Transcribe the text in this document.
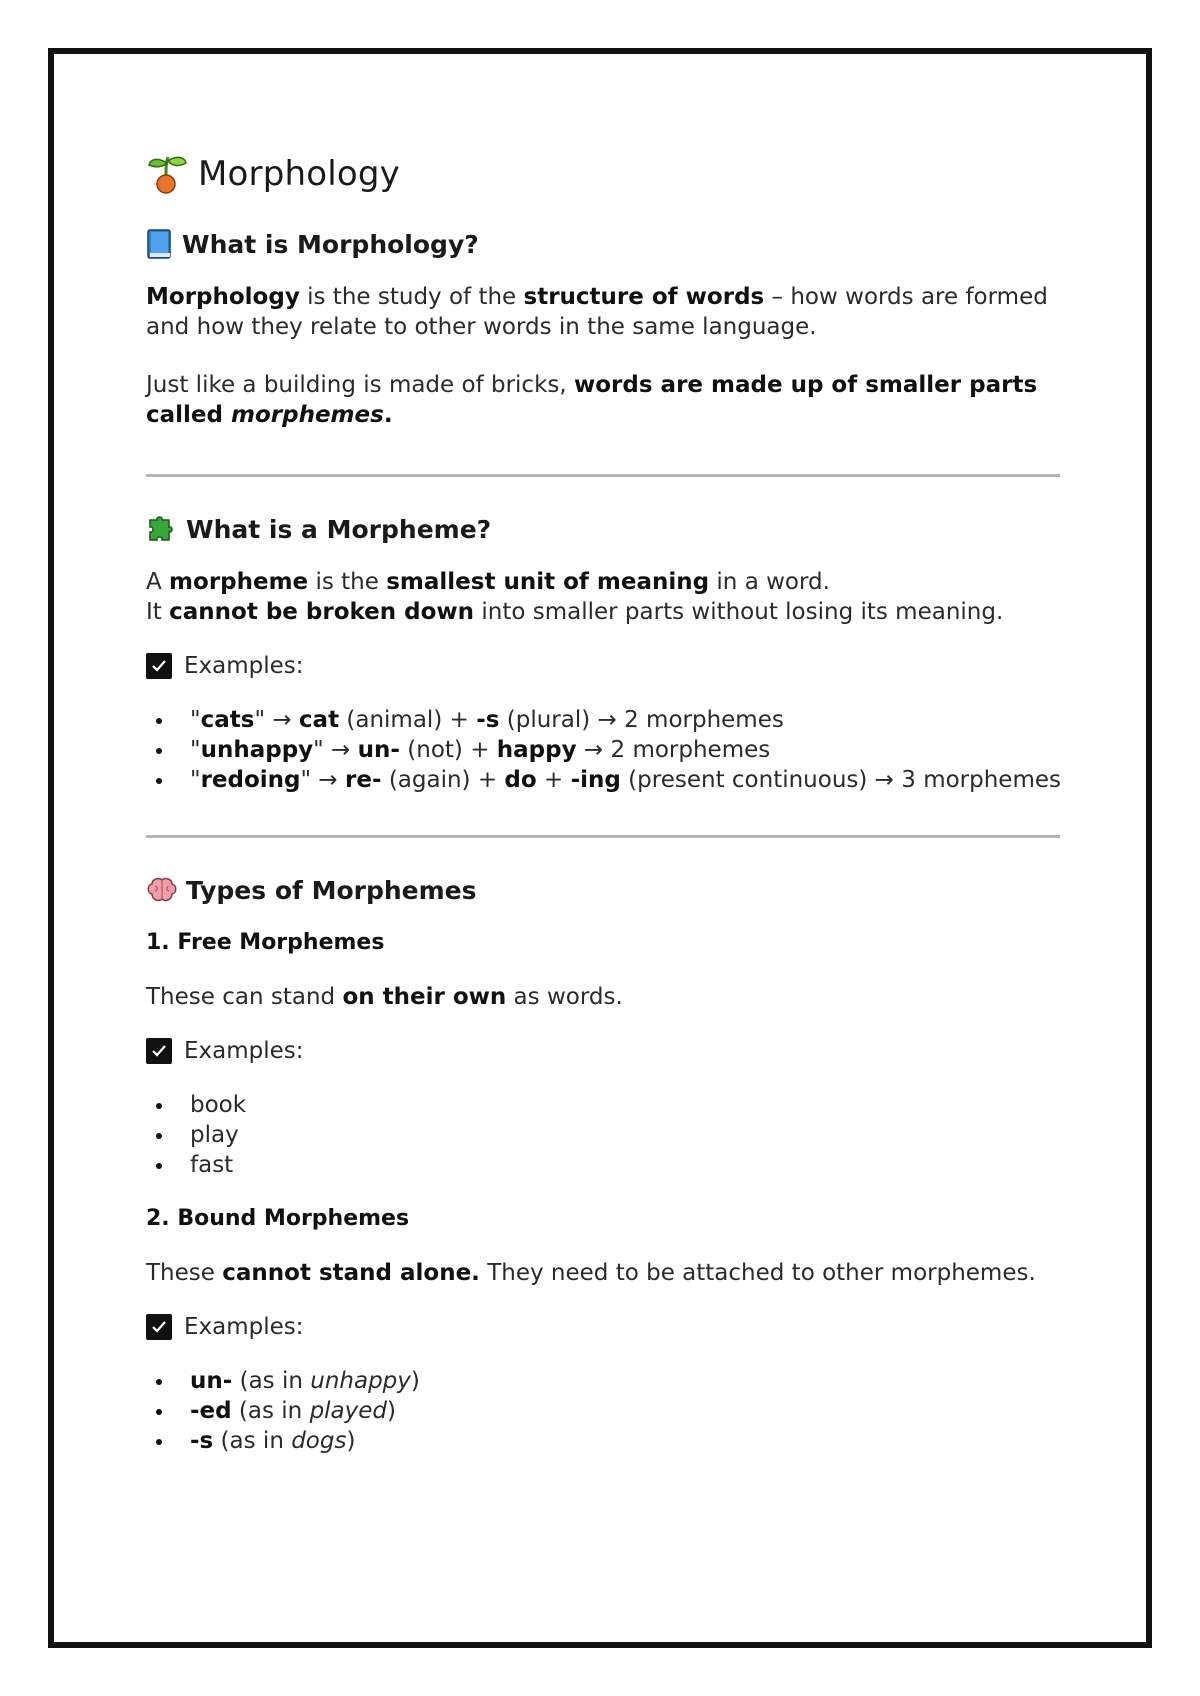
Morphology
What is Morphology?

Morphology is the study of the structure of words – how words are formed and how they relate to other words in the same language.

Just like a building is made of bricks, words are made up of smaller parts called morphemes.

What is a Morpheme?

A morpheme is the smallest unit of meaning in a word.

It cannot be broken down into smaller parts without losing its meaning.

Examples:
"cats" → cat (animal) + -s (plural) → 2 morphemes
"unhappy" → un- (not) + happy → 2 morphemes
"redoing" → re- (again) + do + -ing (present continuous) → 3 morphemes
Types of Morphemes
1. Free Morphemes

These can stand on their own as words.

Examples:
book
play
fast
2. Bound Morphemes

These cannot stand alone. They need to be attached to other morphemes.

Examples:
un- (as in unhappy)
-ed (as in played)
-s (as in dogs)
